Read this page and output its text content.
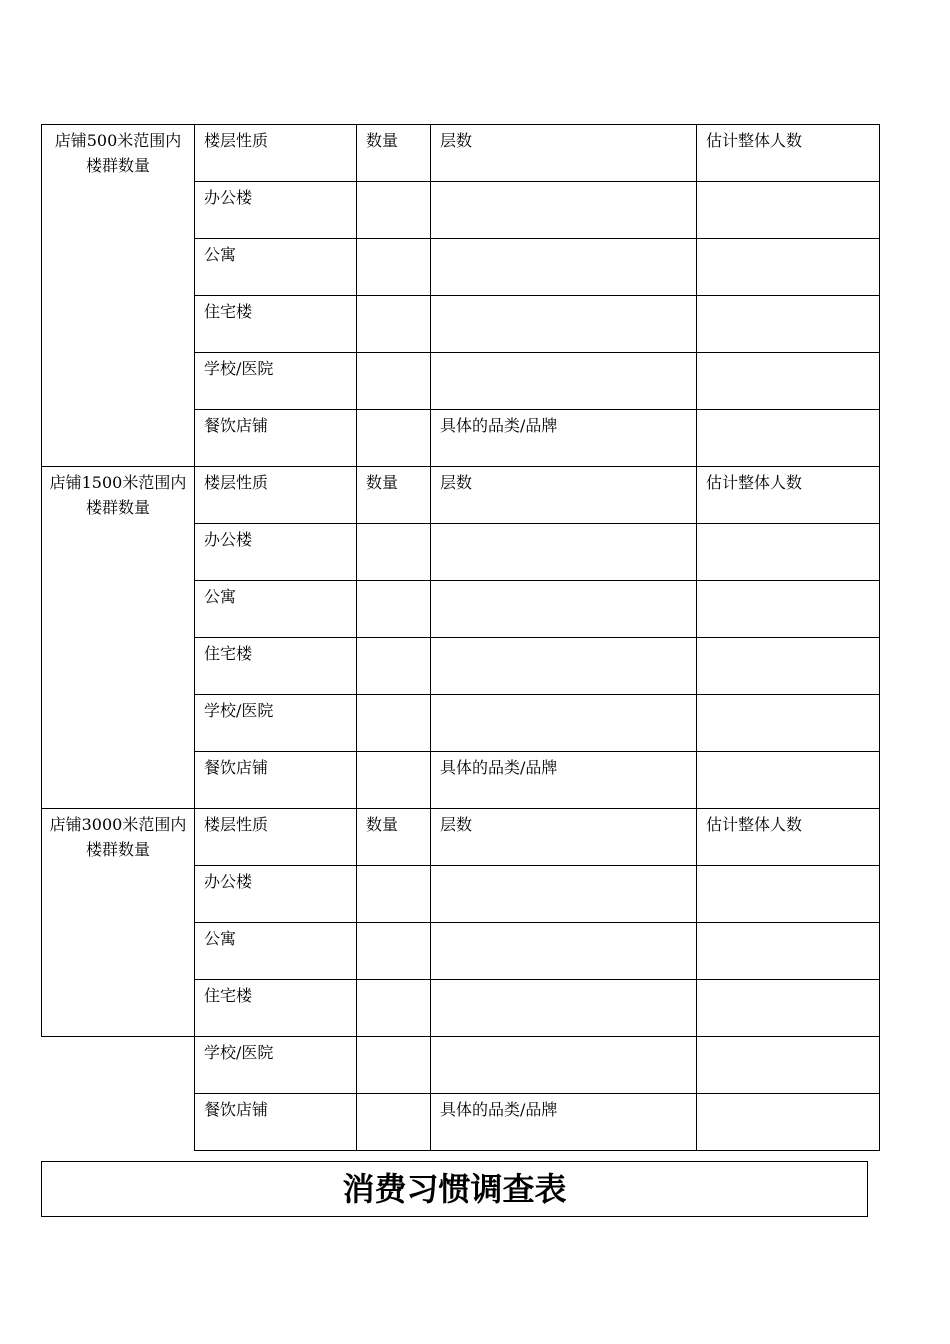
店铺500米范围内楼群数量	楼层性质	数量	层数	估计整体人数
	办公楼			
	公寓			
	住宅楼			
	学校/医院			
	餐饮店铺		具体的品类/品牌	
店铺1500米范围内楼群数量	楼层性质	数量	层数	估计整体人数
	办公楼			
	公寓			
	住宅楼			
	学校/医院			
	餐饮店铺		具体的品类/品牌	
店铺3000米范围内楼群数量	楼层性质	数量	层数	估计整体人数
	办公楼			
	公寓			
	住宅楼			
	学校/医院			
	餐饮店铺		具体的品类/品牌	
消费习惯调查表
